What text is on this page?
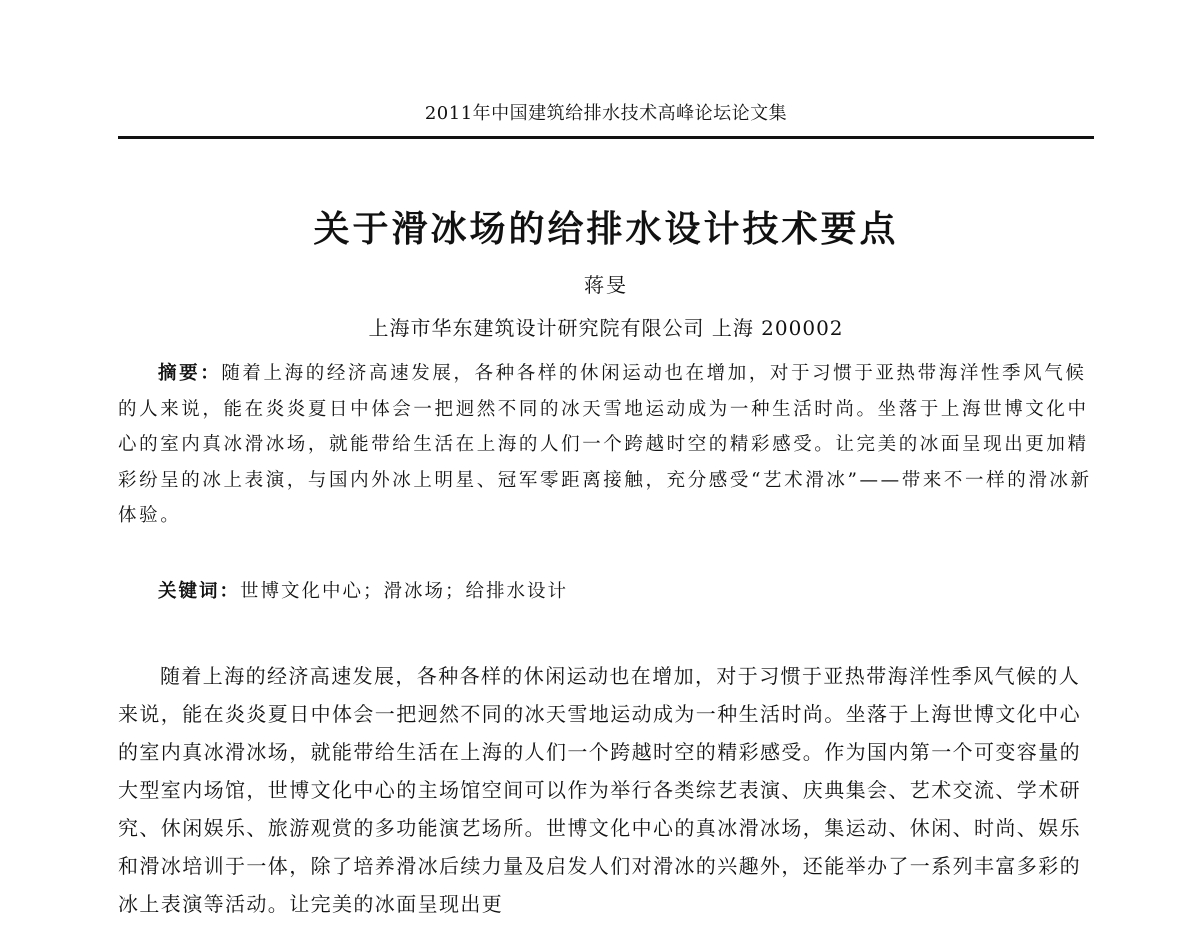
2011年中国建筑给排水技术高峰论坛论文集
关于滑冰场的给排水设计技术要点
蒋旻
上海市华东建筑设计研究院有限公司 上海 200002
摘要：随着上海的经济高速发展，各种各样的休闲运动也在增加，对于习惯于亚热带海洋性季风气候的人来说，能在炎炎夏日中体会一把迥然不同的冰天雪地运动成为一种生活时尚。坐落于上海世博文化中心的室内真冰滑冰场，就能带给生活在上海的人们一个跨越时空的精彩感受。让完美的冰面呈现出更加精彩纷呈的冰上表演，与国内外冰上明星、冠军零距离接触，充分感受“艺术滑冰”——带来不一样的滑冰新体验。
关键词：世博文化中心；滑冰场；给排水设计
随着上海的经济高速发展，各种各样的休闲运动也在增加，对于习惯于亚热带海洋性季风气候的人来说，能在炎炎夏日中体会一把迥然不同的冰天雪地运动成为一种生活时尚。坐落于上海世博文化中心的室内真冰滑冰场，就能带给生活在上海的人们一个跨越时空的精彩感受。作为国内第一个可变容量的大型室内场馆，世博文化中心的主场馆空间可以作为举行各类综艺表演、庆典集会、艺术交流、学术研究、休闲娱乐、旅游观赏的多功能演艺场所。世博文化中心的真冰滑冰场，集运动、休闲、时尚、娱乐和滑冰培训于一体，除了培养滑冰后续力量及启发人们对滑冰的兴趣外，还能举办了一系列丰富多彩的冰上表演等活动。让完美的冰面呈现出更
